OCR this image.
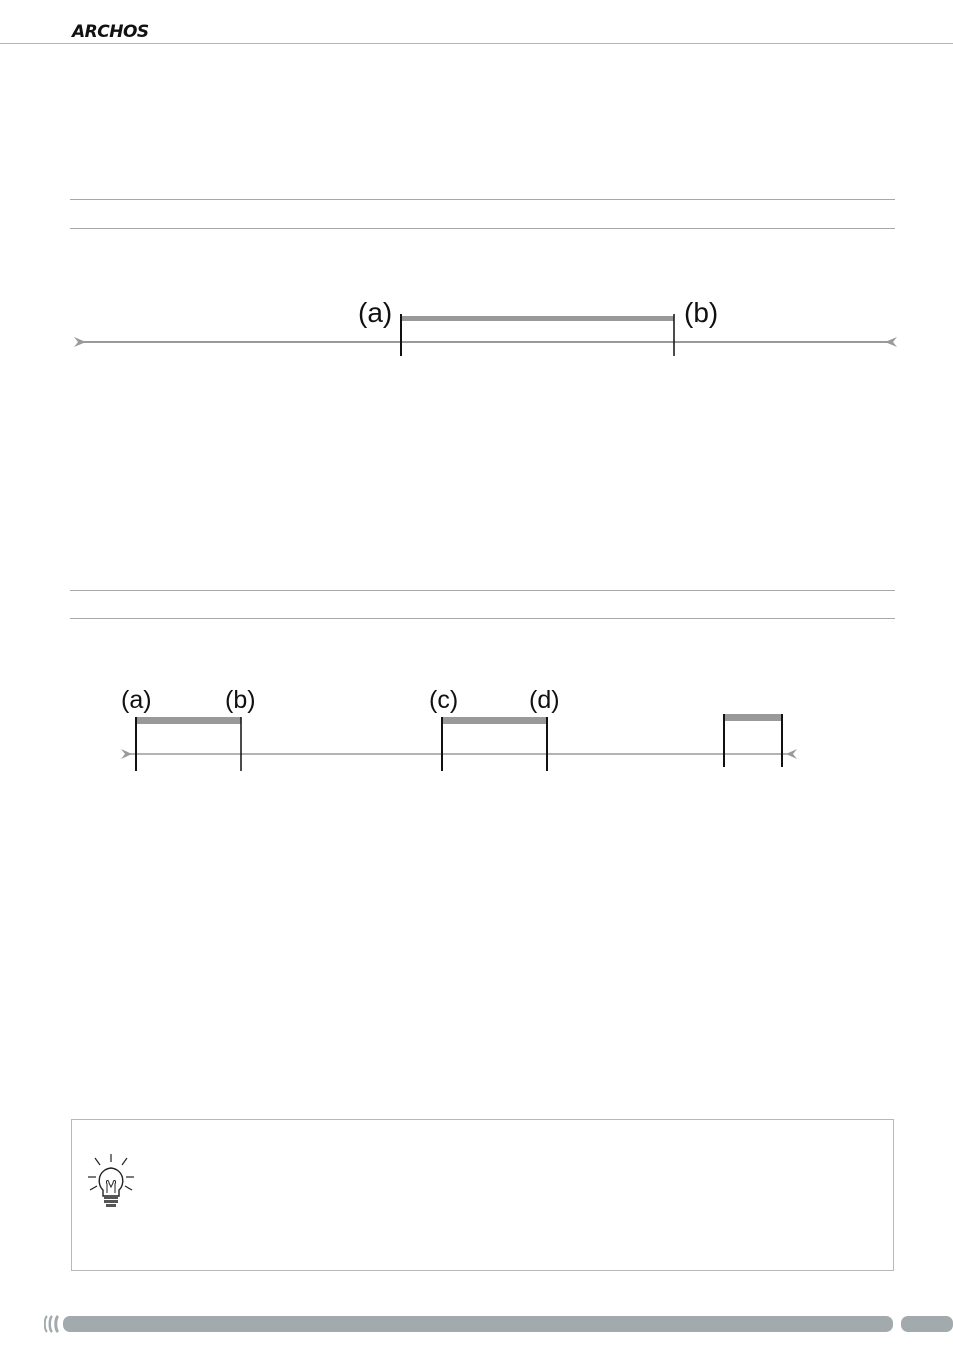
ARCHOS
(a)	(b)
(a)	(b)	(c)	(d)
